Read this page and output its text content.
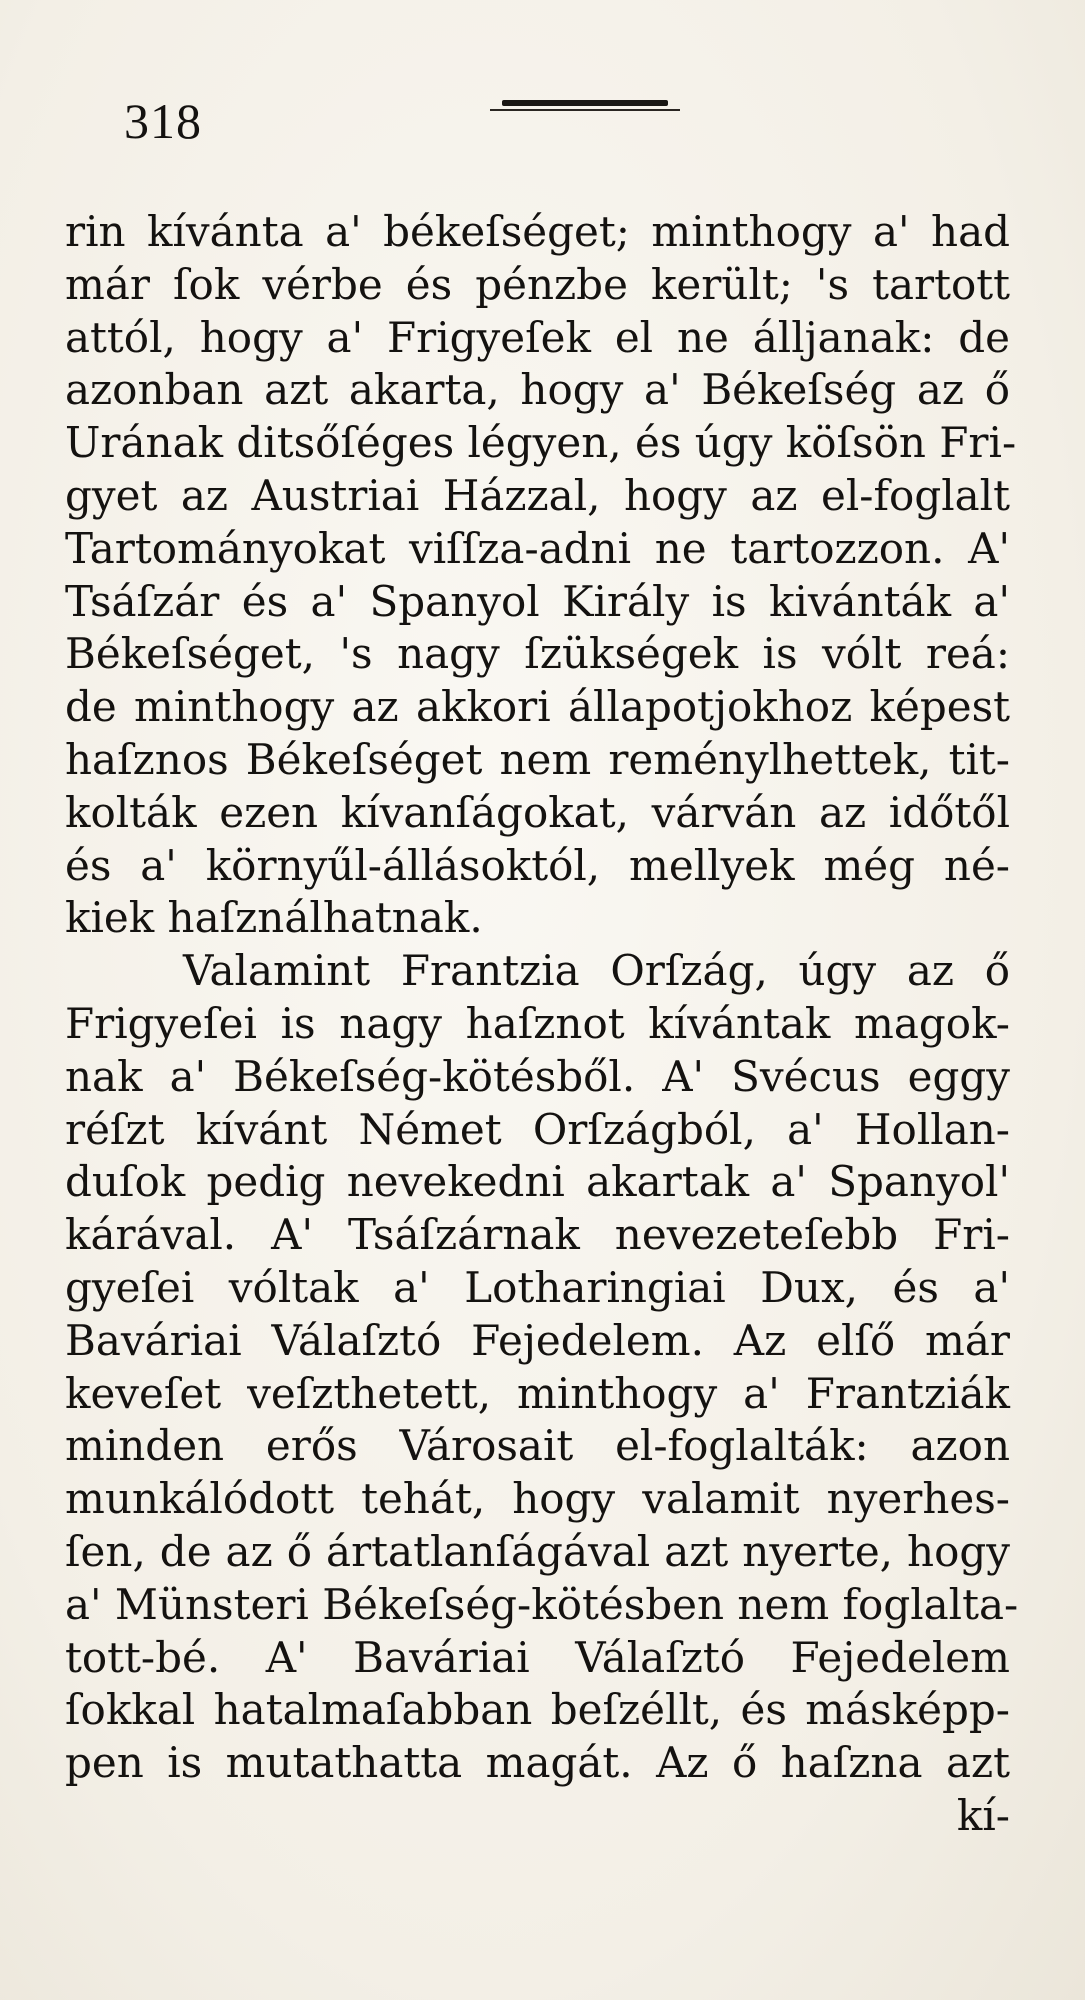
318
rin kívánta a' békeſséget; minthogy a' had
már ſok vérbe és pénzbe került; 's tartott
attól, hogy a' Frigyeſek el ne álljanak: de
azonban azt akarta, hogy a' Békeſség az ő
Urának ditsőſéges légyen, és úgy köſsön Fri-
gyet az Austriai Házzal, hogy az el-foglalt
Tartományokat viſſza-adni ne tartozzon. A'
Tsáſzár és a' Spanyol Király is kivánták a'
Békeſséget, 's nagy ſzükségek is vólt reá:
de minthogy az akkori állapotjokhoz képest
haſznos Békeſséget nem reménylhettek, tit-
kolták ezen kívanſágokat, várván az időtől
és a' környűl-állásoktól, mellyek még né-
kiek haſználhatnak.
Valamint Frantzia Orſzág, úgy az ő
Frigyeſei is nagy haſznot kívántak magok-
nak a' Békeſség-kötésből. A' Svécus eggy
réſzt kívánt Német Orſzágból, a' Hollan-
duſok pedig nevekedni akartak a' Spanyol'
kárával. A' Tsáſzárnak nevezeteſebb Fri-
gyeſei vóltak a' Lotharingiai Dux, és a'
Baváriai Válaſztó Fejedelem. Az elſő már
keveſet veſzthetett, minthogy a' Frantziák
minden erős Városait el-foglalták: azon
munkálódott tehát, hogy valamit nyerhes-
ſen, de az ő ártatlanſágával azt nyerte, hogy
a' Münsteri Békeſség-kötésben nem foglalta-
tott-bé. A' Baváriai Válaſztó Fejedelem
ſokkal hatalmaſabban beſzéllt, és másképp-
pen is mutathatta magát. Az ő haſzna azt
kí-
